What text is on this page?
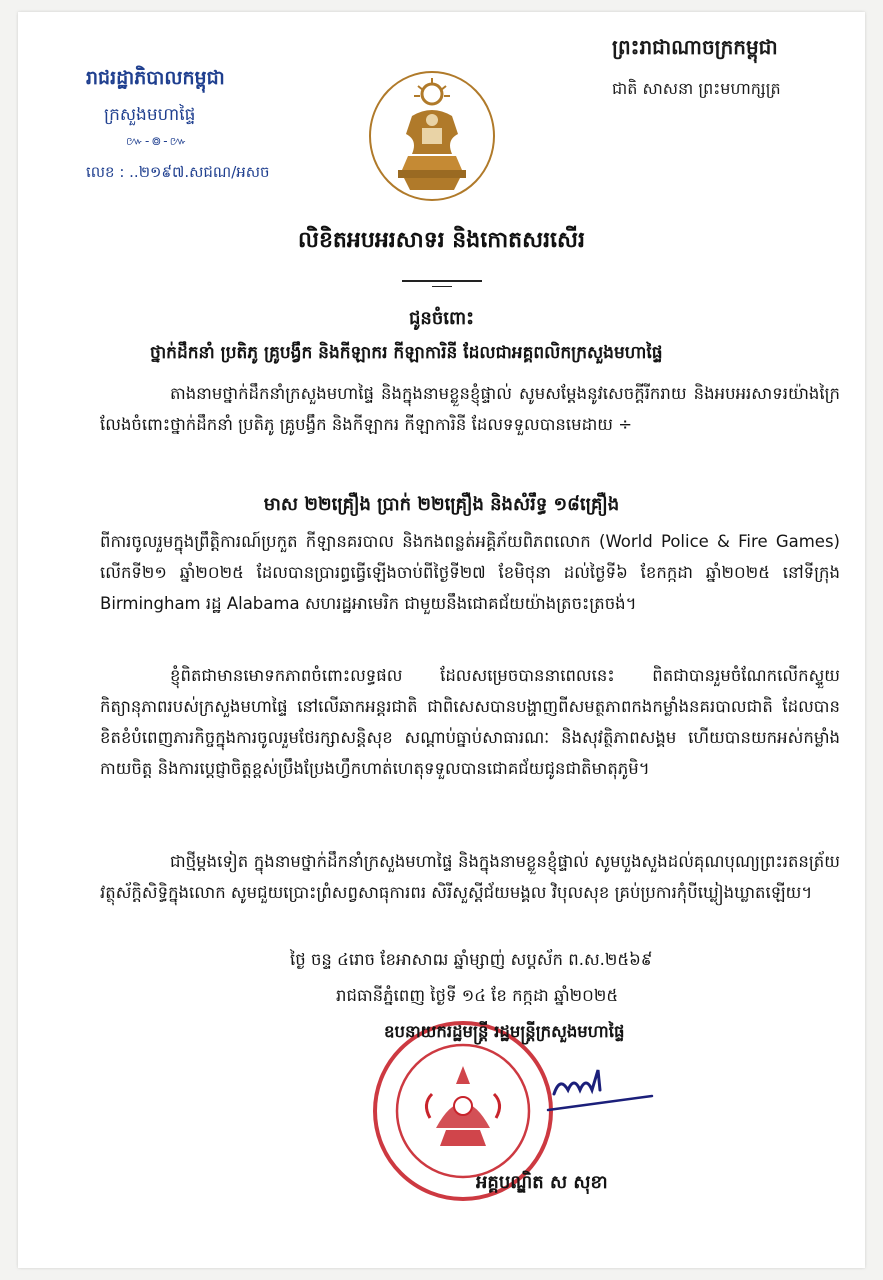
រាជរដ្ឋាភិបាលកម្ពុជា
ក្រសួងមហាផ្ទៃ
៚-៙-៚
លេខ : ..២១៩៧.សជណ/អសច
ព្រះរាជាណាចក្រកម្ពុជា
ជាតិ សាសនា ព្រះមហាក្សត្រ
លិខិតអបអរសាទរ និងកោតសរសើរ
ជូនចំពោះ
ថ្នាក់ដឹកនាំ ប្រតិភូ គ្រូបង្វឹក និងកីឡាករ កីឡាការិនី ដែលជាអគ្គពលិកក្រសួងមហាផ្ទៃ
តាងនាមថ្នាក់ដឹកនាំក្រសួងមហាផ្ទៃ និងក្នុងនាមខ្លួនខ្ញុំផ្ទាល់ សូមសម្តែងនូវសេចក្តីរីករាយ និងអបអរសាទរយ៉ាងក្រៃលែងចំពោះថ្នាក់ដឹកនាំ ប្រតិភូ គ្រូបង្វឹក និងកីឡាករ កីឡាការិនី ដែលទទួលបានមេដាយ ÷
មាស ២២គ្រឿង ប្រាក់ ២២គ្រឿង និងសំរឹទ្ធ ១៨គ្រឿង
ពីការចូលរួមក្នុងព្រឹត្តិការណ៍ប្រកួត កីឡានគរបាល និងកងពន្លត់អគ្គិភ័យពិភពលោក (World Police & Fire Games) លើកទី២១ ឆ្នាំ២០២៥ ដែលបានប្រារព្ធធ្វើឡើងចាប់ពីថ្ងៃទី២៧ ខែមិថុនា ដល់ថ្ងៃទី៦ ខែកក្កដា ឆ្នាំ២០២៥ នៅទីក្រុង Birmingham រដ្ឋ Alabama សហរដ្ឋអាមេរិក ជាមួយនឹងជោគជ័យយ៉ាងត្រចះត្រចង់។
ខ្ញុំពិតជាមានមោទកភាពចំពោះលទ្ធផល ដែលសម្រេចបាននាពេលនេះ ពិតជាបានរួមចំណែកលើកស្ទួយកិត្យានុភាពរបស់ក្រសួងមហាផ្ទៃ នៅលើឆាកអន្តរជាតិ ជាពិសេសបានបង្ហាញពីសមត្ថភាពកងកម្លាំងនគរបាលជាតិ ដែលបានខិតខំបំពេញភារកិច្ចក្នុងការចូលរួមថែរក្សាសន្តិសុខ សណ្តាប់ធ្នាប់សាធារណៈ និងសុវត្ថិភាពសង្គម ហើយបានយកអស់កម្លាំងកាយចិត្ត និងការប្តេជ្ញាចិត្តខ្ពស់ប្រឹងប្រែងហ្វឹកហាត់ហេតុទទួលបានជោគជ័យជូនជាតិមាតុភូមិ។
ជាថ្មីម្តងទៀត ក្នុងនាមថ្នាក់ដឹកនាំក្រសួងមហាផ្ទៃ និងក្នុងនាមខ្លួនខ្ញុំផ្ទាល់ សូមបួងសួងដល់គុណបុណ្យព្រះរតនត្រ័យ វត្ថុស័ក្តិសិទ្ធិក្នុងលោក សូមជួយប្រោះព្រំសព្វសាធុការពរ សិរីសួស្តីជ័យមង្គល វិបុលសុខ គ្រប់ប្រការកុំបីឃ្លៀងឃ្លាតឡើយ។
ថ្ងៃ ចន្ទ ៤រោច ខែអាសាឍ ឆ្នាំម្សាញ់ សប្តស័ក ព.ស.២៥៦៩
រាជធានីភ្នំពេញ ថ្ងៃទី ១៤ ខែ កក្កដា ឆ្នាំ២០២៥
ឧបនាយករដ្ឋមន្ត្រី រដ្ឋមន្ត្រីក្រសួងមហាផ្ទៃ
អគ្គបណ្ឌិត ស សុខា
